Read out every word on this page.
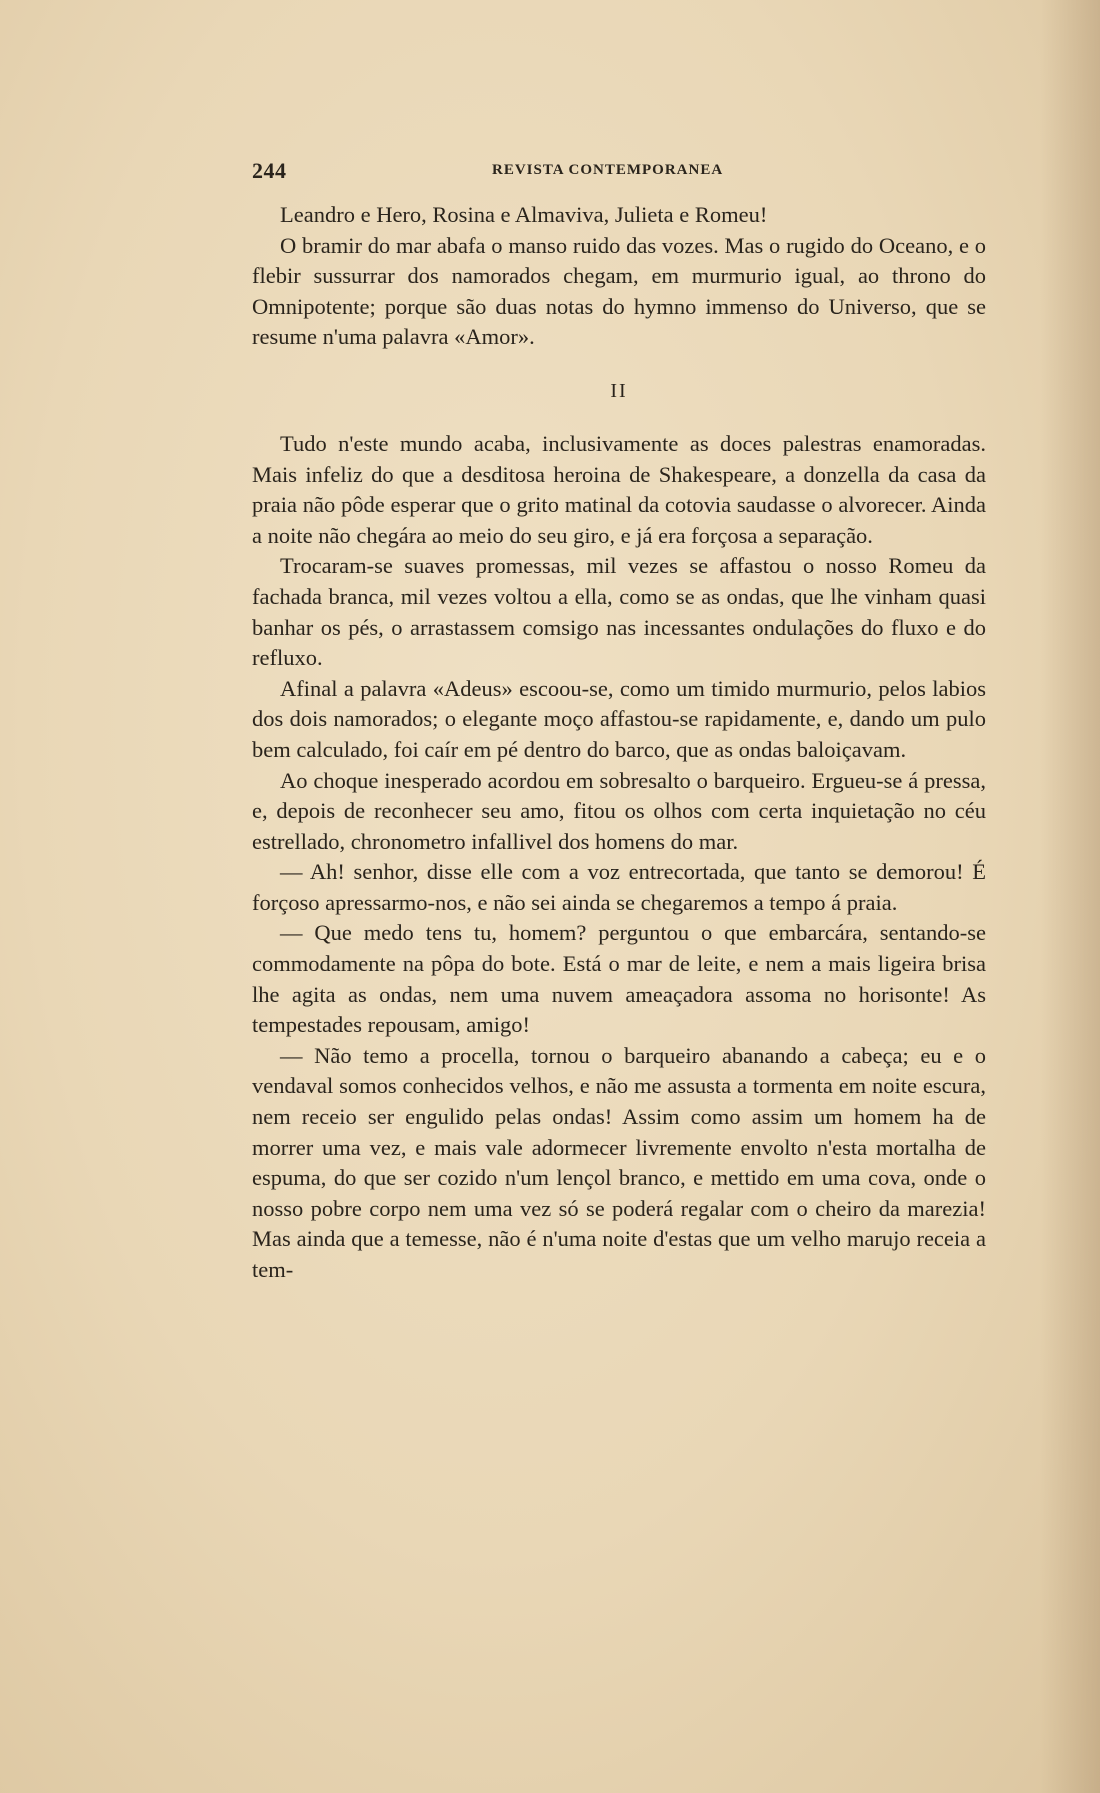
244	REVISTA CONTEMPORANEA

Leandro e Hero, Rosina e Almaviva, Julieta e Romeu!

O bramir do mar abafa o manso ruido das vozes. Mas o rugido do Oceano, e o flebir sussurrar dos namorados chegam, em murmurio igual, ao throno do Omnipotente; porque são duas notas do hymno immenso do Universo, que se resume n'uma palavra «Amor».

II

Tudo n'este mundo acaba, inclusivamente as doces palestras enamoradas. Mais infeliz do que a desditosa heroina de Shakespeare, a donzella da casa da praia não pôde esperar que o grito matinal da cotovia saudasse o alvorecer. Ainda a noite não chegára ao meio do seu giro, e já era forçosa a separação.

Trocaram-se suaves promessas, mil vezes se affastou o nosso Romeu da fachada branca, mil vezes voltou a ella, como se as ondas, que lhe vinham quasi banhar os pés, o arrastassem comsigo nas incessantes ondulações do fluxo e do refluxo.

Afinal a palavra «Adeus» escoou-se, como um timido murmurio, pelos labios dos dois namorados; o elegante moço affastou-se rapidamente, e, dando um pulo bem calculado, foi caír em pé dentro do barco, que as ondas baloiçavam.

Ao choque inesperado acordou em sobresalto o barqueiro. Ergueu-se á pressa, e, depois de reconhecer seu amo, fitou os olhos com certa inquietação no céu estrellado, chronometro infallivel dos homens do mar.

— Ah! senhor, disse elle com a voz entrecortada, que tanto se demorou! É forçoso apressarmo-nos, e não sei ainda se chegaremos a tempo á praia.

— Que medo tens tu, homem? perguntou o que embarcára, sentando-se commodamente na pôpa do bote. Está o mar de leite, e nem a mais ligeira brisa lhe agita as ondas, nem uma nuvem ameaçadora assoma no horisonte! As tempestades repousam, amigo!

— Não temo a procella, tornou o barqueiro abanando a cabeça; eu e o vendaval somos conhecidos velhos, e não me assusta a tormenta em noite escura, nem receio ser engulido pelas ondas! Assim como assim um homem ha de morrer uma vez, e mais vale adormecer livremente envolto n'esta mortalha de espuma, do que ser cozido n'um lençol branco, e mettido em uma cova, onde o nosso pobre corpo nem uma vez só se poderá regalar com o cheiro da marezia! Mas ainda que a temesse, não é n'uma noite d'estas que um velho marujo receia a tem-
